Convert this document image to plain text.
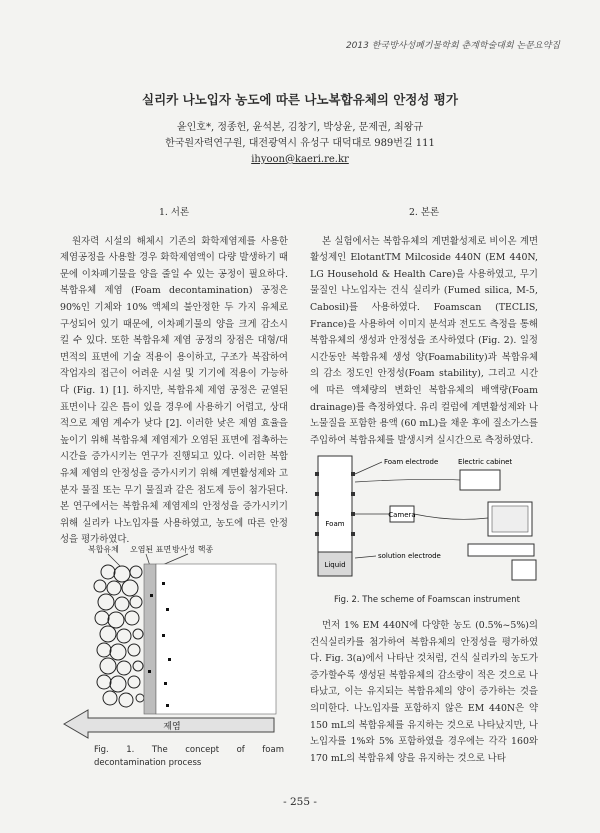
2013 한국방사성폐기물학회 춘계학술대회 논문요약집
실리카 나노입자 농도에 따른 나노복합유체의 안정성 평가
윤인호*, 정종헌, 윤석본, 김창기, 박상윤, 문제권, 최왕규
한국원자력연구원, 대전광역시 유성구 대덕대로 989번길 111
ihyoon@kaeri.re.kr
1. 서론

원자력 시설의 해체시 기존의 화학제염제를 사용한 제염공정을 사용할 경우 화학제염액이 다량 발생하기 때문에 이차폐기물을 양을 줄일 수 있는 공정이 필요하다. 복합유체 제염 (Foam decontamination) 공정은 90%인 기체와 10% 액체의 불안정한 두 가지 유체로 구성되어 있기 때문에, 이차폐기물의 양을 크게 감소시킬 수 있다. 또한 복합유체 제염 공정의 장점은 대형/대면적의 표면에 기술 적용이 용이하고, 구조가 복잡하여 작업자의 접근이 어려운 시설 및 기기에 적용이 가능하다 (Fig. 1) [1]. 하지만, 복합유체 제염 공정은 균열된 표면이나 깊은 틈이 있을 경우에 사용하기 어렵고, 상대적으로 제염 계수가 낮다 [2]. 이러한 낮은 제염 효율을 높이기 위해 복합유체 제염제가 오염된 표면에 접촉하는 시간을 증가시키는 연구가 진행되고 있다. 이러한 복합유체 제염의 안정성을 증가시키기 위해 계면활성제와 고분자 물질 또는 무기 물질과 같은 점도제 등이 첨가된다. 본 연구에서는 복합유체 제염제의 안정성을 증가시키기 위해 실리카 나노입자를 사용하였고, 농도에 따른 안정성을 평가하였다.

복합유체 오염된 표면 방사성 핵종
제염
Fig. 1. The concept of foam decontamination process
2. 본론

본 실험에서는 복합유체의 계면활성제로 비이온 계면활성제인 ElotantTM Milcoside 440N (EM 440N, LG Household & Health Care)을 사용하였고, 무기물질인 나노입자는 건식 실리카 (Fumed silica, M-5, Cabosil)를 사용하였다. Foamscan (TECLIS, France)을 사용하여 이미지 분석과 전도도 측정을 통해 복합유체의 생성과 안정성을 조사하였다 (Fig. 2). 일정 시간동안 복합유체 생성 양(Foamability)과 복합유체의 감소 정도인 안정성(Foam stability), 그리고 시간에 따른 액체량의 변화인 복합유체의 배액량(Foam drainage)를 측정하였다. 유리 컬럼에 계면활성제와 나노물질을 포함한 용액 (60 mL)을 채운 후에 질소가스를 주입하여 복합유체를 발생시켜 실시간으로 측정하였다.

Foam
Liquid
Foam electrode
Camera
solution electrode
Electric cabinet
Fig. 2. The scheme of Foamscan instrument

먼저 1% EM 440N에 다양한 농도 (0.5%~5%)의 건식실리카를 첨가하여 복합유체의 안정성을 평가하였다. Fig. 3(a)에서 나타난 것처럼, 건식 실리카의 농도가 증가할수록 생성된 복합유체의 감소량이 적은 것으로 나타났고, 이는 유지되는 복합유체의 양이 증가하는 것을 의미한다. 나노입자를 포함하지 않은 EM 440N은 약 150 mL의 복합유체를 유지하는 것으로 나타났지만, 나노입자를 1%와 5% 포함하였을 경우에는 각각 160와 170 mL의 복합유체 양을 유지하는 것으로 나타

- 255 -
